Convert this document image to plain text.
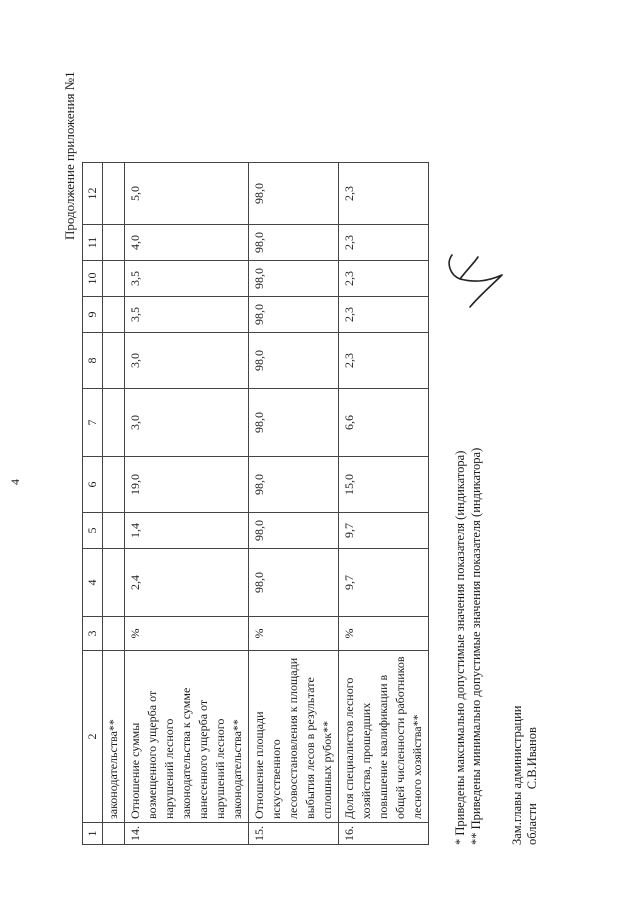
4
Продолжение приложения №1
1	2	3	4	5	6	7	8	9	10	11	12
	законодательства**										
14.	Отношение суммы возмещенного ущерба от нарушений лесного законодательства к сумме нанесенного ущерба от нарушений лесного законодательства**	%	2,4	1,4	19,0	3,0	3,0	3,5	3,5	4,0	5,0
15.	Отношение площади искусственного лесовосстановления к площади выбытия лесов в результате сплошных рубок**	%	98,0	98,0	98,0	98,0	98,0	98,0	98,0	98,0	98,0
16.	Доля специалистов лесного хозяйства, прошедших повышение квалификации в общей численности работников лесного хозяйства**	%	9,7	9,7	15,0	6,6	2,3	2,3	2,3	2,3	2,3
* Приведены максимально допустимые значения показателя (индикатора) ** Приведены минимально допустимые значения показателя (индикатора) Зам.главы администрации областиС.В.Иванов
